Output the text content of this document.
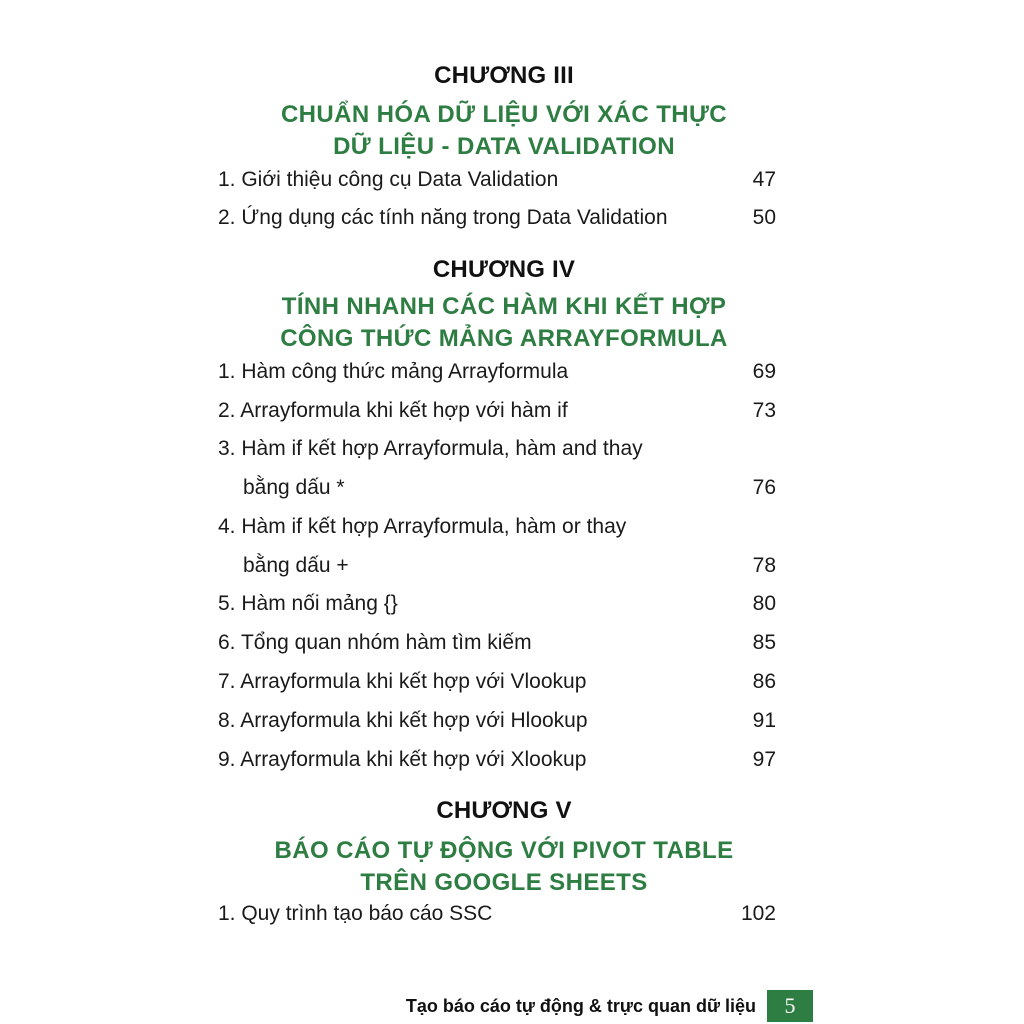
CHƯƠNG III
CHUẨN HÓA DỮ LIỆU VỚI XÁC THỰC
DỮ LIỆU - DATA VALIDATION
1. Giới thiệu công cụ Data Validation	47
2. Ứng dụng các tính năng trong Data Validation	50
CHƯƠNG IV
TÍNH NHANH CÁC HÀM KHI KẾT HỢP
CÔNG THỨC MẢNG ARRAYFORMULA
1. Hàm công thức mảng Arrayformula	69
2. Arrayformula khi kết hợp với hàm if	73
3. Hàm if kết hợp Arrayformula, hàm and thay
bằng dấu *	76
4. Hàm if kết hợp Arrayformula, hàm or thay
bằng dấu +	78
5. Hàm nối mảng {}	80
6. Tổng quan nhóm hàm tìm kiếm	85
7. Arrayformula khi kết hợp với Vlookup	86
8. Arrayformula khi kết hợp với Hlookup	91
9. Arrayformula khi kết hợp với Xlookup	97
CHƯƠNG V
BÁO CÁO TỰ ĐỘNG VỚI PIVOT TABLE
TRÊN GOOGLE SHEETS
1. Quy trình tạo báo cáo SSC	102
Tạo báo cáo tự động & trực quan dữ liệu	5
